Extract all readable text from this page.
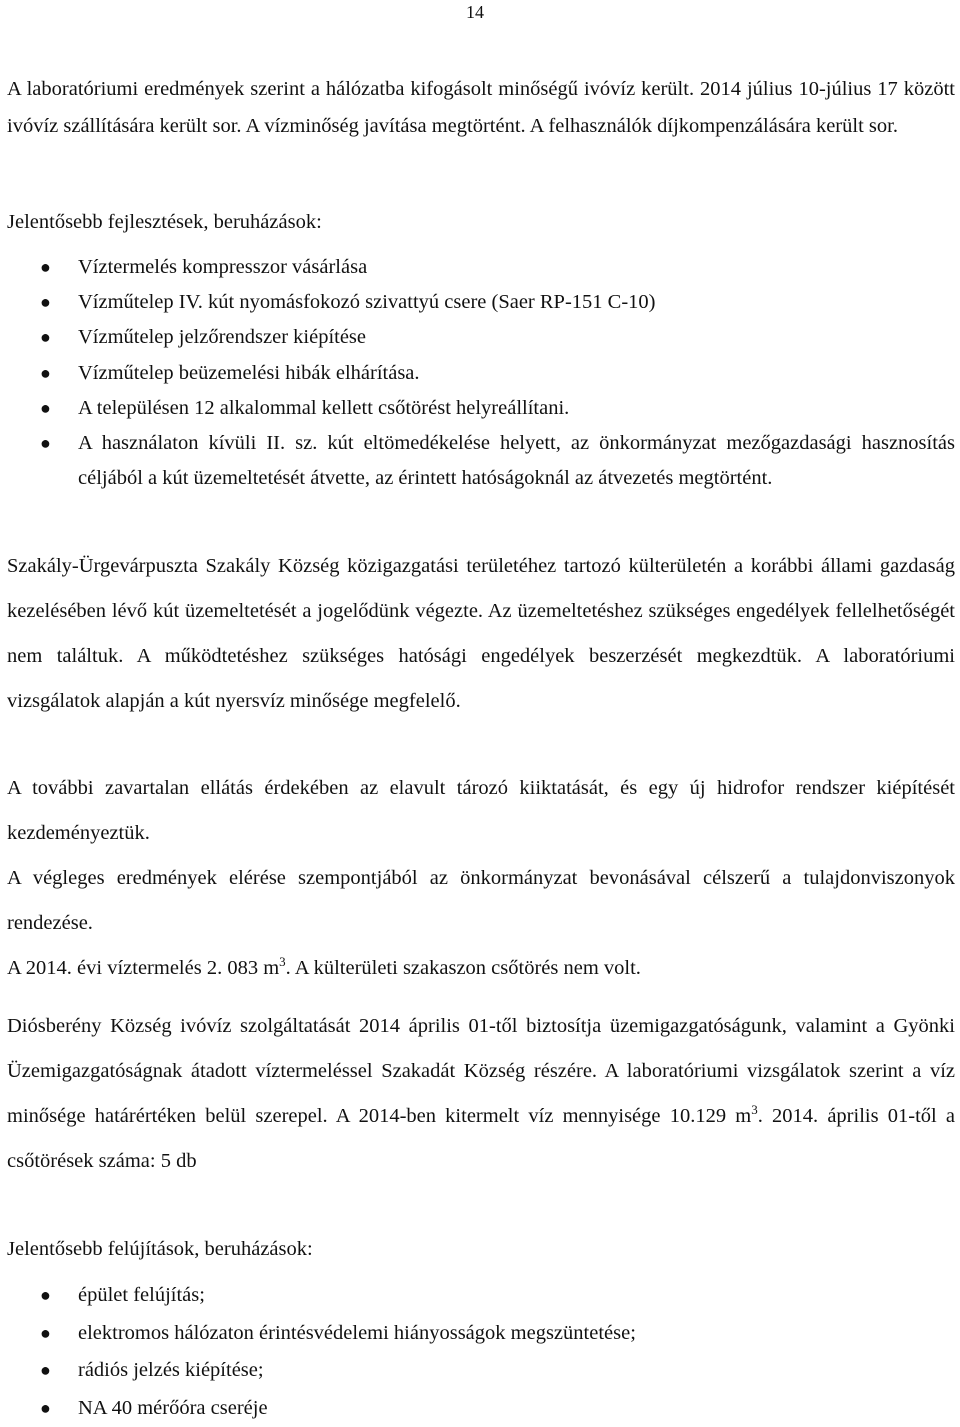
14

A laboratóriumi eredmények szerint a hálózatba kifogásolt minőségű ivóvíz került. 2014 július 10-július 17 között ivóvíz szállítására került sor. A vízminőség javítása megtörtént. A felhasználók díjkompenzálására került sor.

Jelentősebb fejlesztések, beruházások:

● Víztermelés kompresszor vásárlása
● Vízműtelep IV. kút nyomásfokozó szivattyú csere (Saer RP-151 C-10)
● Vízműtelep jelzőrendszer kiépítése
● Vízműtelep beüzemelési hibák elhárítása.
● A településen 12 alkalommal kellett csőtörést helyreállítani.
● A használaton kívüli II. sz. kút eltömedékelése helyett, az önkormányzat mezőgazdasági hasznosítás céljából a kút üzemeltetését átvette, az érintett hatóságoknál az átvezetés megtörtént.

Szakály-Ürgevárpuszta Szakály Község közigazgatási területéhez tartozó külterületén a korábbi állami gazdaság kezelésében lévő kút üzemeltetését a jogelődünk végezte. Az üzemeltetéshez szükséges engedélyek fellelhetőségét nem találtuk. A működtetéshez szükséges hatósági engedélyek beszerzését megkezdtük. A laboratóriumi vizsgálatok alapján a kút nyersvíz minősége megfelelő.

A további zavartalan ellátás érdekében az elavult tározó kiiktatását, és egy új hidrofor rendszer kiépítését kezdeményeztük.

A végleges eredmények elérése szempontjából az önkormányzat bevonásával célszerű a tulajdonviszonyok rendezése.

A 2014. évi víztermelés 2. 083 $m^3$. A külterületi szakaszon csőtörés nem volt.

Diósberény Község ivóvíz szolgáltatását 2014 április 01-től biztosítja üzemigazgatóságunk, valamint a Gyönki Üzemigazgatóságnak átadott víztermeléssel Szakadát Község részére. A laboratóriumi vizsgálatok szerint a víz minősége határértéken belül szerepel. A 2014-ben kitermelt víz mennyisége 10.129 $m^3$. 2014. április 01-től a csőtörések száma: 5 db

Jelentősebb felújítások, beruházások:

● épület felújítás;
● elektromos hálózaton érintésvédelemi hiányosságok megszüntetése;
● rádiós jelzés kiépítése;
● NA 40 mérőóra cseréje
